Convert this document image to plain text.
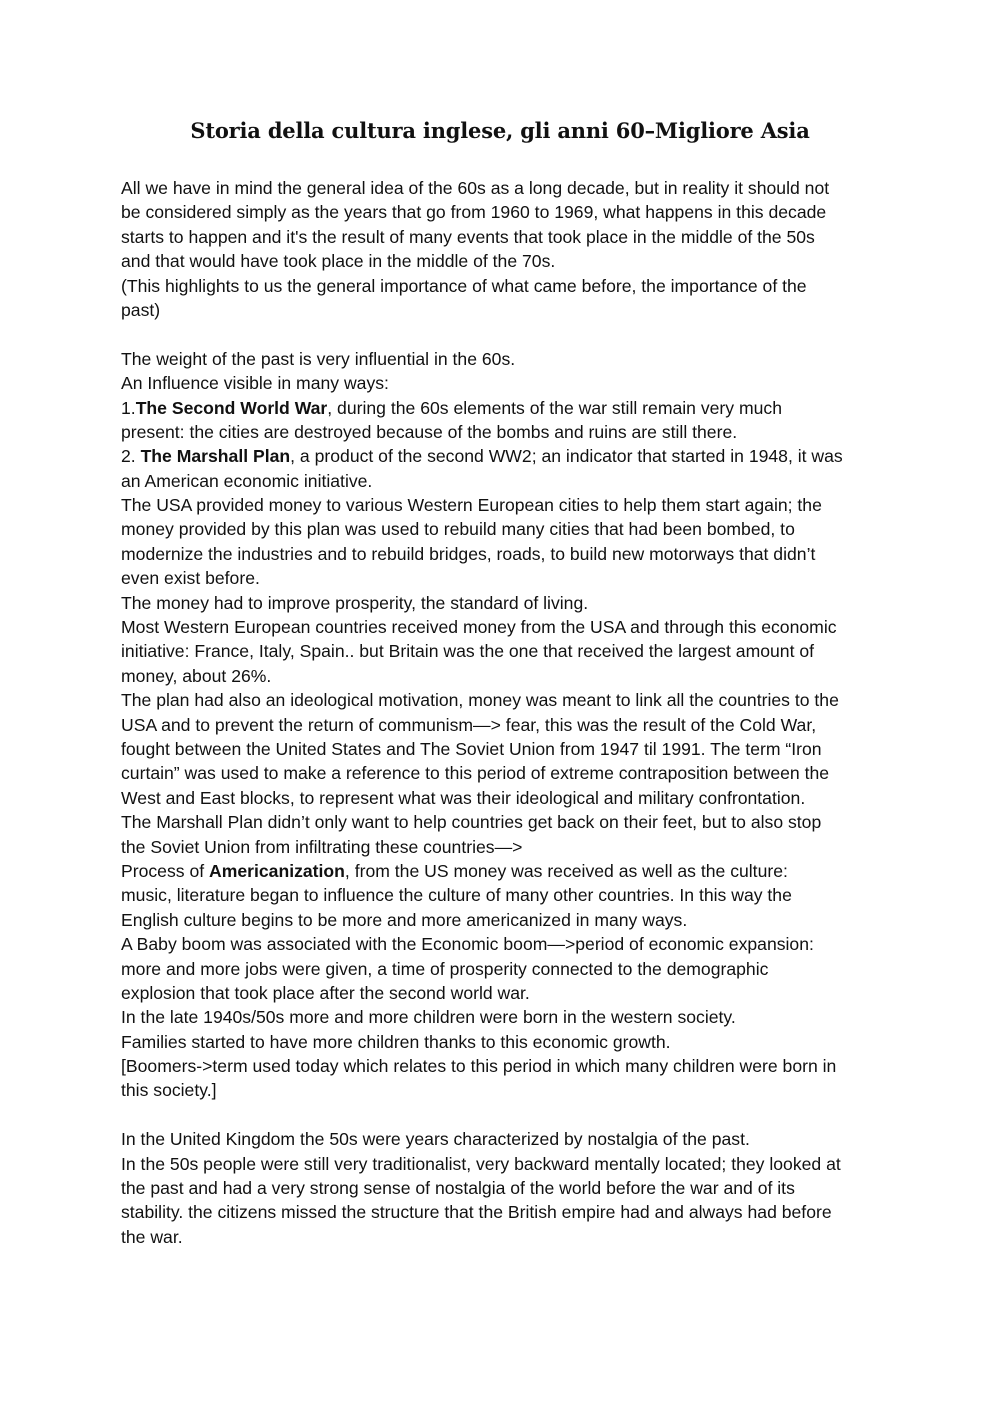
Storia della cultura inglese, gli anni 60–Migliore Asia
All we have in mind the general idea of the 60s as a long decade, but in reality it should not
be considered simply as the years that go from 1960 to 1969, what happens in this decade
starts to happen and it's the result of many events that took place in the middle of the 50s
and that would have took place in the middle of the 70s.
(This highlights to us the general importance of what came before, the importance of the
past)
The weight of the past is very influential in the 60s.
An Influence visible in many ways:
1.The Second World War, during the 60s elements of the war still remain very much
present: the cities are destroyed because of the bombs and ruins are still there.
2. The Marshall Plan, a product of the second WW2; an indicator that started in 1948, it was
an American economic initiative.
The USA provided money to various Western European cities to help them start again; the
money provided by this plan was used to rebuild many cities that had been bombed, to
modernize the industries and to rebuild bridges, roads, to build new motorways that didn’t
even exist before.
The money had to improve prosperity, the standard of living.
Most Western European countries received money from the USA and through this economic
initiative: France, Italy, Spain.. but Britain was the one that received the largest amount of
money, about 26%.
The plan had also an ideological motivation, money was meant to link all the countries to the
USA and to prevent the return of communism—> fear, this was the result of the Cold War,
fought between the United States and The Soviet Union from 1947 til 1991. The term “Iron
curtain” was used to make a reference to this period of extreme contraposition between the
West and East blocks, to represent what was their ideological and military confrontation.
The Marshall Plan didn’t only want to help countries get back on their feet, but to also stop
the Soviet Union from infiltrating these countries—>
Process of Americanization, from the US money was received as well as the culture:
music, literature began to influence the culture of many other countries. In this way the
English culture begins to be more and more americanized in many ways.
A Baby boom was associated with the Economic boom—>period of economic expansion:
more and more jobs were given, a time of prosperity connected to the demographic
explosion that took place after the second world war.
In the late 1940s/50s more and more children were born in the western society.
Families started to have more children thanks to this economic growth.
[Boomers->term used today which relates to this period in which many children were born in
this society.]
In the United Kingdom the 50s were years characterized by nostalgia of the past.
In the 50s people were still very traditionalist, very backward mentally located; they looked at
the past and had a very strong sense of nostalgia of the world before the war and of its
stability. the citizens missed the structure that the British empire had and always had before
the war.
